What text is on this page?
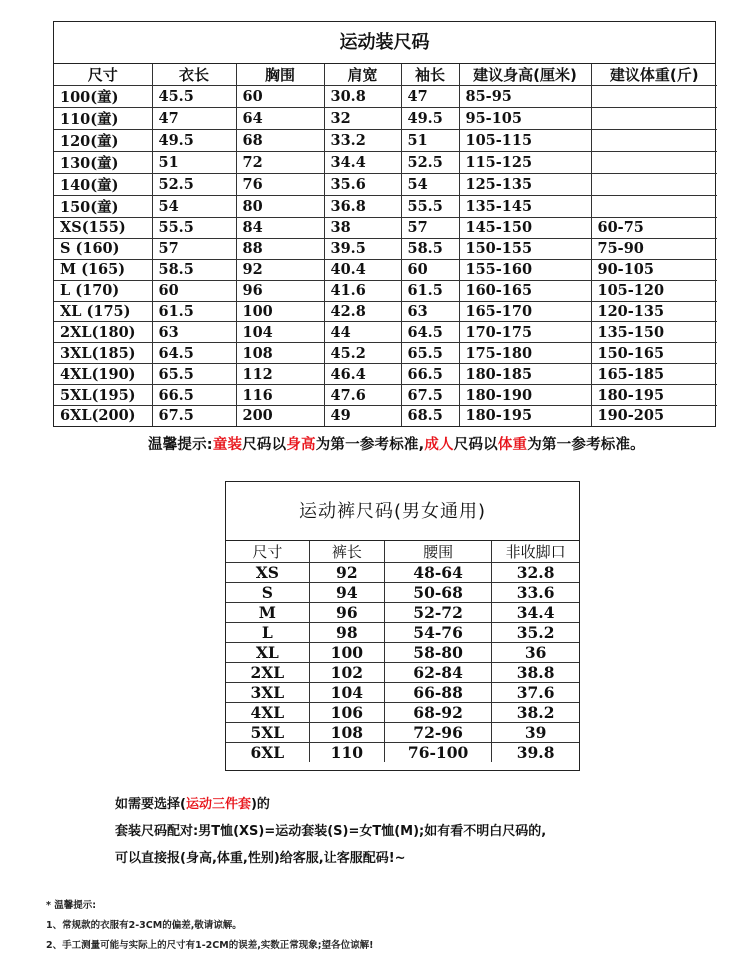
运动装尺码
尺寸	衣长	胸围	肩宽	袖长	建议身高(厘米)	建议体重(斤)
100(童)	45.5	60	30.8	47	85-95	
110(童)	47	64	32	49.5	95-105	
120(童)	49.5	68	33.2	51	105-115	
130(童)	51	72	34.4	52.5	115-125	
140(童)	52.5	76	35.6	54	125-135	
150(童)	54	80	36.8	55.5	135-145	
XS(155)	55.5	84	38	57	145-150	60-75
S (160)	57	88	39.5	58.5	150-155	75-90
M (165)	58.5	92	40.4	60	155-160	90-105
L (170)	60	96	41.6	61.5	160-165	105-120
XL (175)	61.5	100	42.8	63	165-170	120-135
2XL(180)	63	104	44	64.5	170-175	135-150
3XL(185)	64.5	108	45.2	65.5	175-180	150-165
4XL(190)	65.5	112	46.4	66.5	180-185	165-185
5XL(195)	66.5	116	47.6	67.5	180-190	180-195
6XL(200)	67.5	200	49	68.5	180-195	190-205
温馨提示:童装尺码以身高为第一参考标准,成人尺码以体重为第一参考标准。
运动裤尺码(男女通用)
尺寸	裤长	腰围	非收脚口
XS	92	48-64	32.8
S	94	50-68	33.6
M	96	52-72	34.4
L	98	54-76	35.2
XL	100	58-80	36
2XL	102	62-84	38.8
3XL	104	66-88	37.6
4XL	106	68-92	38.2
5XL	108	72-96	39
6XL	110	76-100	39.8
如需要选择(运动三件套)的
套装尺码配对:男T恤(XS)=运动套装(S)=女T恤(M);如有看不明白尺码的,
可以直接报(身高,体重,性别)给客服,让客服配码!~
* 温馨提示:
1、常规款的衣服有2-3CM的偏差,敬请谅解。
2、手工测量可能与实际上的尺寸有1-2CM的误差,实数正常现象;望各位谅解!
